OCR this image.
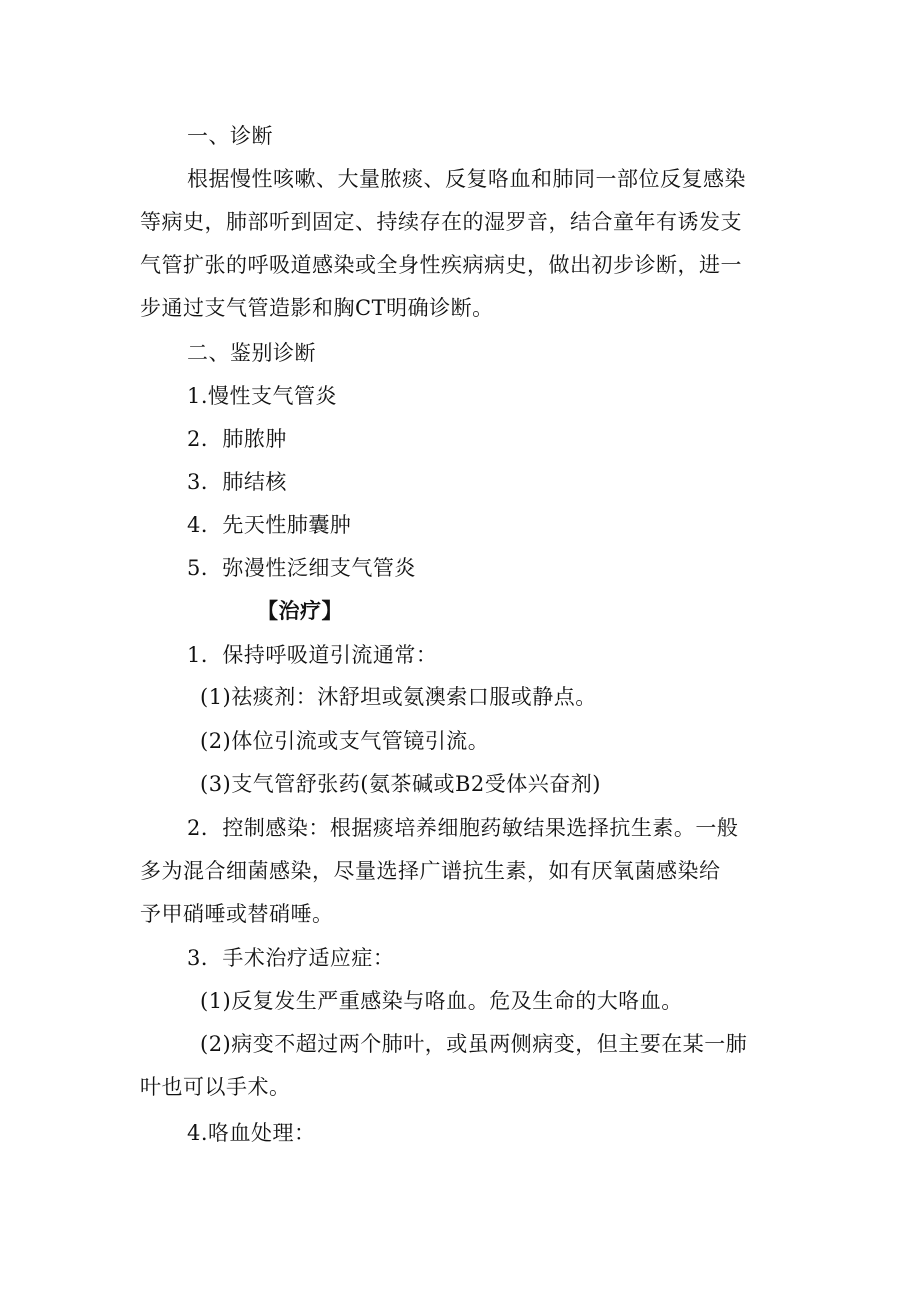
一、诊断
根据慢性咳嗽、大量脓痰、反复咯血和肺同一部位反复感染
等病史，肺部听到固定、持续存在的湿罗音，结合童年有诱发支
气管扩张的呼吸道感染或全身性疾病病史，做出初步诊断，进一
步通过支气管造影和胸CT明确诊断。
二、鉴别诊断
1.慢性支气管炎
2．肺脓肿
3．肺结核
4．先天性肺囊肿
5．弥漫性泛细支气管炎
【治疗】
1．保持呼吸道引流通常：
(1)祛痰剂：沐舒坦或氨澳索口服或静点。
(2)体位引流或支气管镜引流。
(3)支气管舒张药(氨茶碱或B2受体兴奋剂)
2．控制感染：根据痰培养细胞药敏结果选择抗生素。一般
多为混合细菌感染，尽量选择广谱抗生素，如有厌氧菌感染给
予甲硝唾或替硝唾。
3．手术治疗适应症：
(1)反复发生严重感染与咯血。危及生命的大咯血。
(2)病变不超过两个肺叶，或虽两侧病变，但主要在某一肺
叶也可以手术。
4.咯血处理：
